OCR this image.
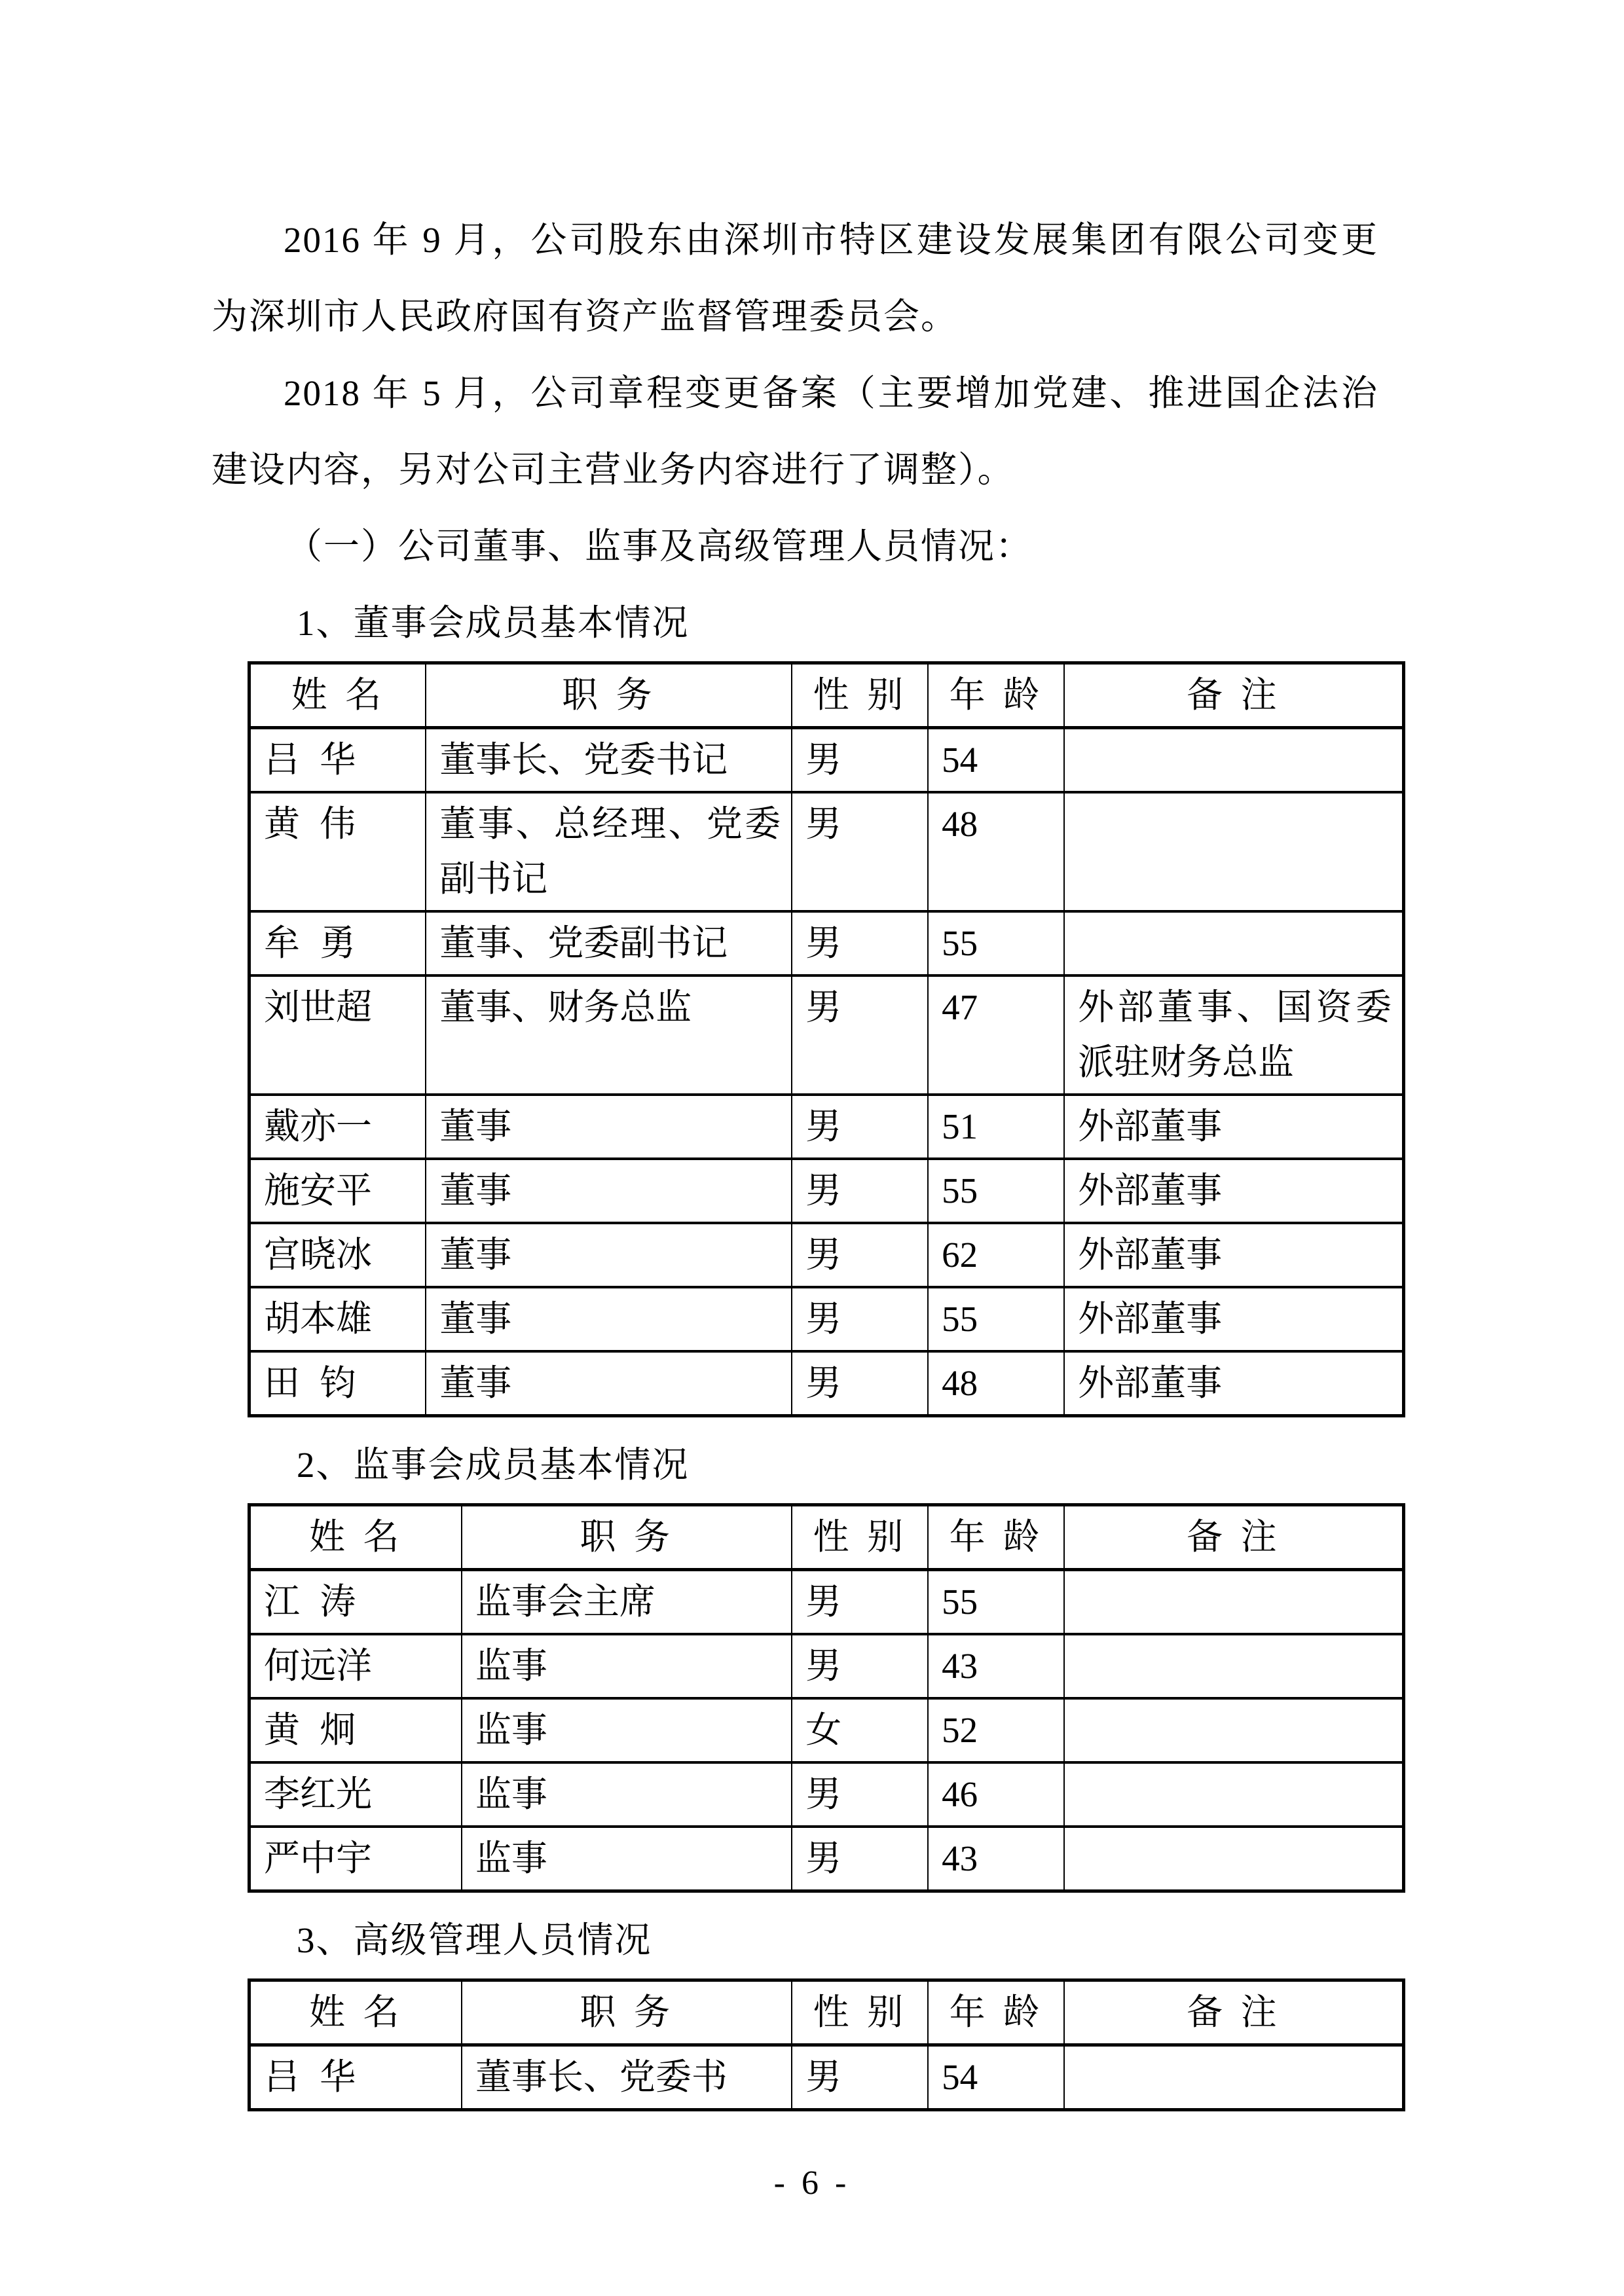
2016 年 9 月，公司股东由深圳市特区建设发展集团有限公司变更为深圳市人民政府国有资产监督管理委员会。

2018 年 5 月，公司章程变更备案（主要增加党建、推进国企法治建设内容，另对公司主营业务内容进行了调整）。

（一）公司董事、监事及高级管理人员情况：
1、董事会成员基本情况
姓名	职务	性别	年龄	备注
吕华	董事长、党委书记	男	54	
黄伟	董事、总经理、党委副书记	男	48	
牟勇	董事、党委副书记	男	55	
刘世超	董事、财务总监	男	47	外部董事、国资委派驻财务总监
戴亦一	董事	男	51	外部董事
施安平	董事	男	55	外部董事
宫晓冰	董事	男	62	外部董事
胡本雄	董事	男	55	外部董事
田钧	董事	男	48	外部董事
2、监事会成员基本情况
姓名	职务	性别	年龄	备注
江涛	监事会主席	男	55	
何远洋	监事	男	43	
黄炯	监事	女	52	
李红光	监事	男	46	
严中宇	监事	男	43	
3、高级管理人员情况
姓名	职务	性别	年龄	备注
吕华	董事长、党委书	男	54	
- 6 -
